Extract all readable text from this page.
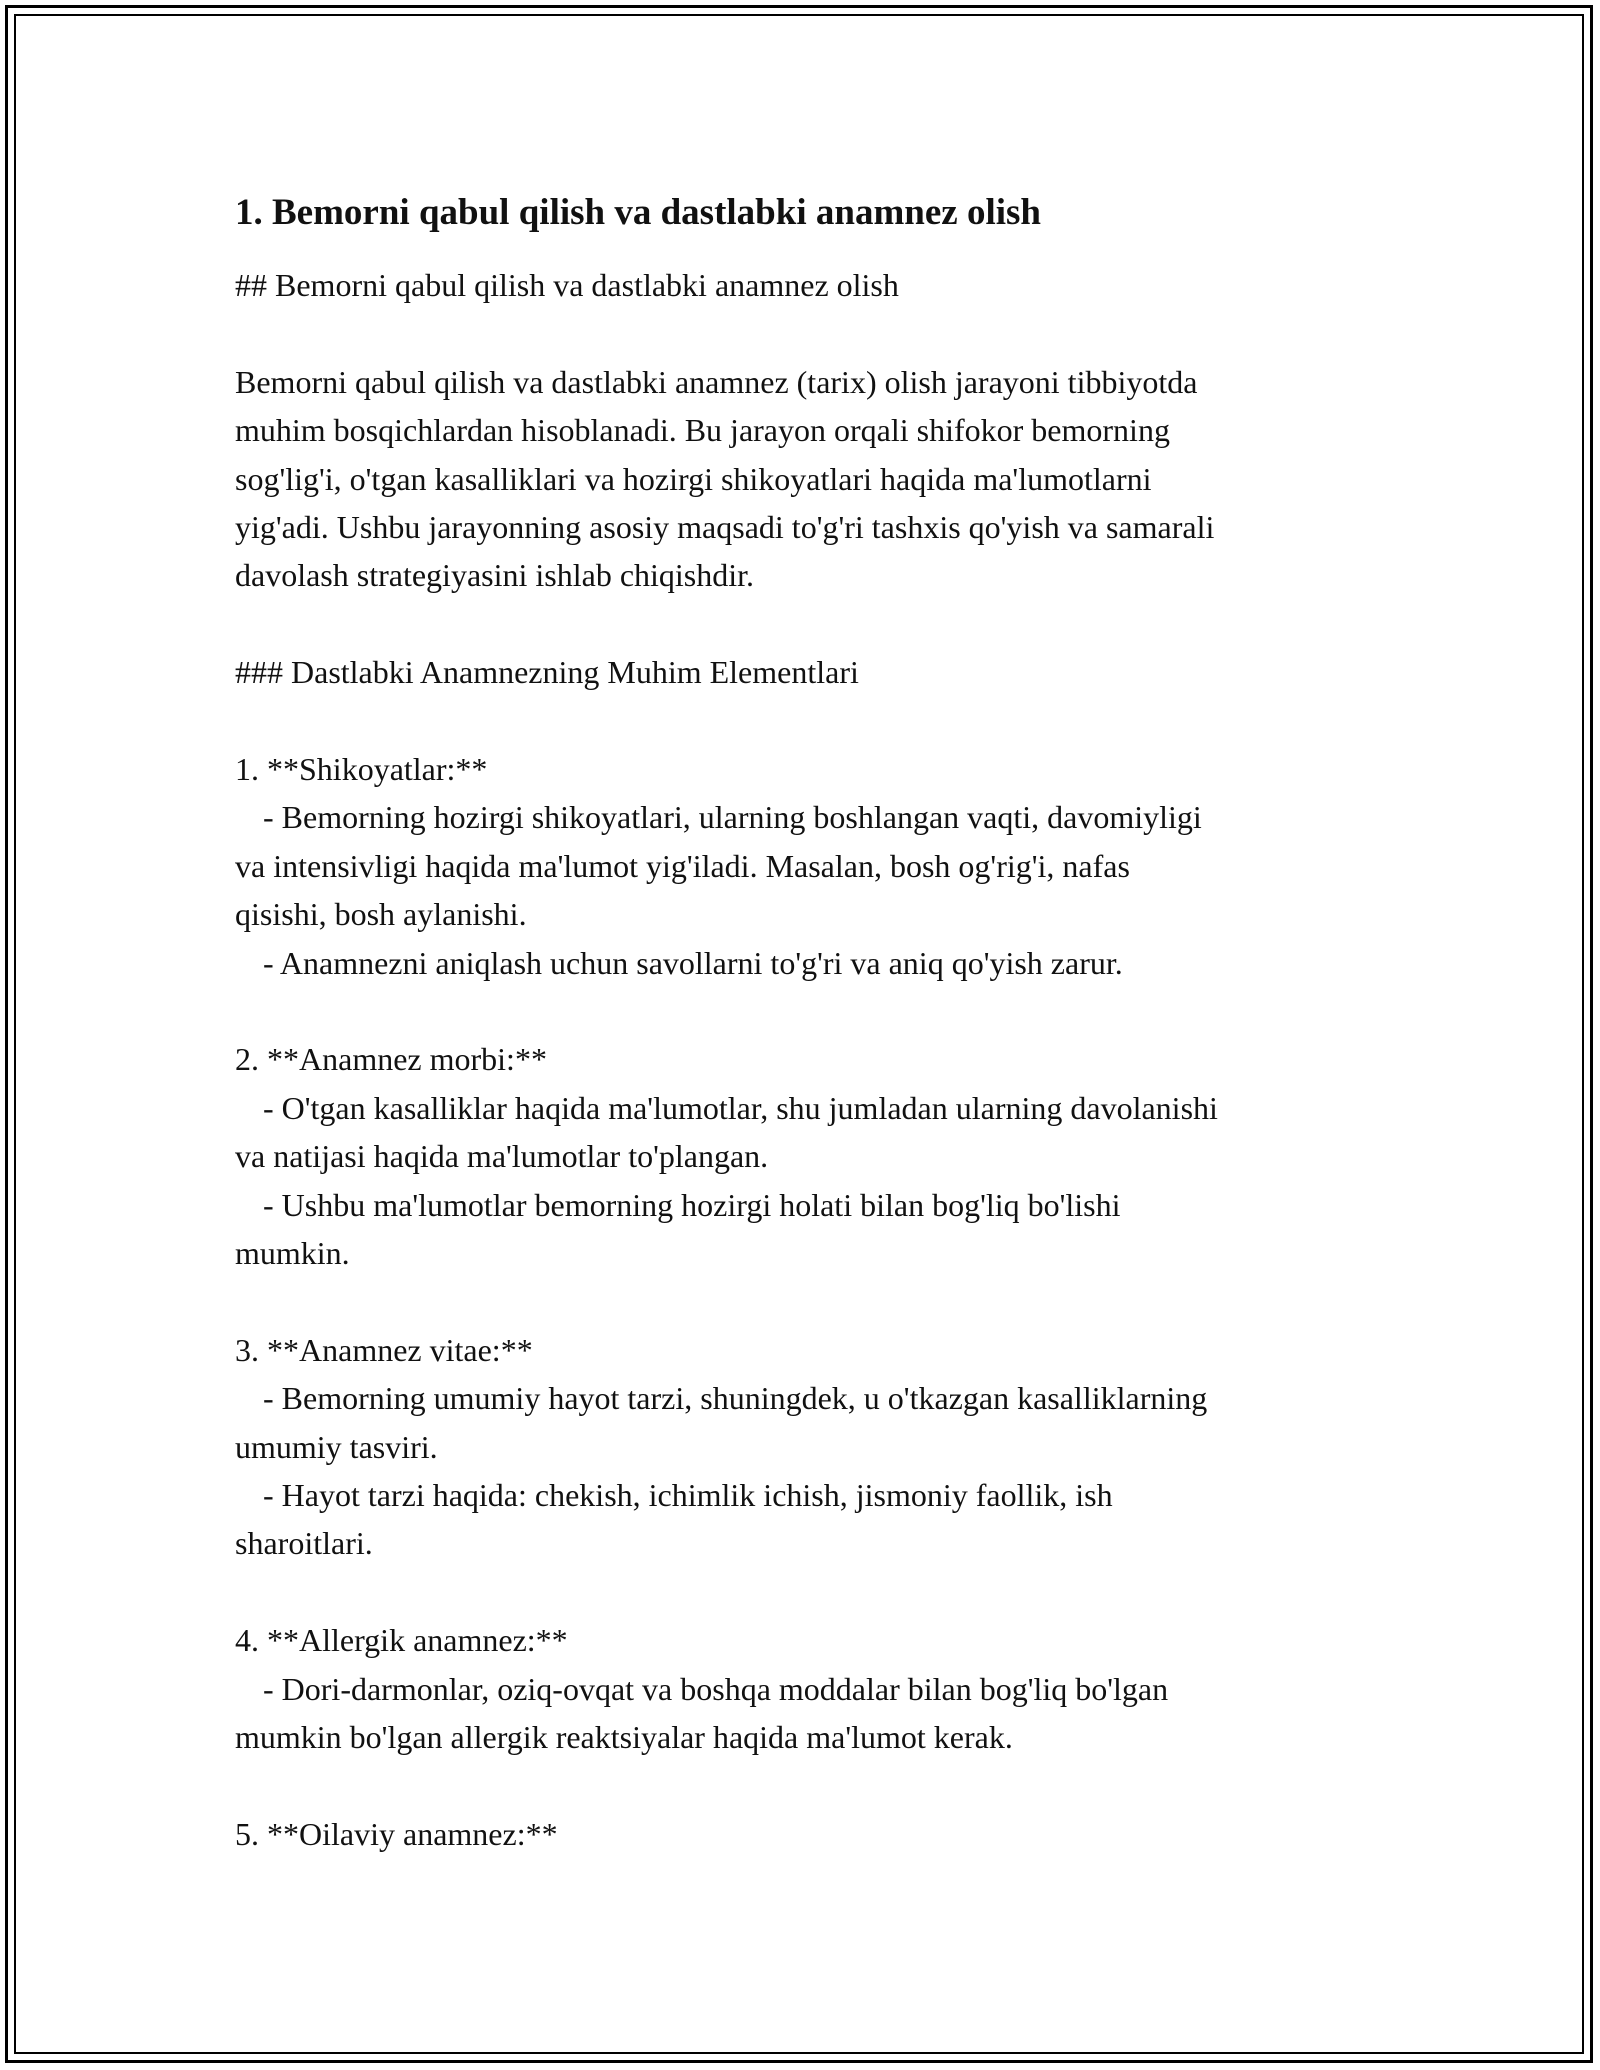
1. Bemorni qabul qilish va dastlabki anamnez olish

## Bemorni qabul qilish va dastlabki anamnez olish

Bemorni qabul qilish va dastlabki anamnez (tarix) olish jarayoni tibbiyotda

muhim bosqichlardan hisoblanadi. Bu jarayon orqali shifokor bemorning

sog'lig'i, o'tgan kasalliklari va hozirgi shikoyatlari haqida ma'lumotlarni

yig'adi. Ushbu jarayonning asosiy maqsadi to'g'ri tashxis qo'yish va samarali

davolash strategiyasini ishlab chiqishdir.

### Dastlabki Anamnezning Muhim Elementlari

1. **Shikoyatlar:**

- Bemorning hozirgi shikoyatlari, ularning boshlangan vaqti, davomiyligi

va intensivligi haqida ma'lumot yig'iladi. Masalan, bosh og'rig'i, nafas

qisishi, bosh aylanishi.

- Anamnezni aniqlash uchun savollarni to'g'ri va aniq qo'yish zarur.

2. **Anamnez morbi:**

- O'tgan kasalliklar haqida ma'lumotlar, shu jumladan ularning davolanishi

va natijasi haqida ma'lumotlar to'plangan.

- Ushbu ma'lumotlar bemorning hozirgi holati bilan bog'liq bo'lishi

mumkin.

3. **Anamnez vitae:**

- Bemorning umumiy hayot tarzi, shuningdek, u o'tkazgan kasalliklarning

umumiy tasviri.

- Hayot tarzi haqida: chekish, ichimlik ichish, jismoniy faollik, ish

sharoitlari.

4. **Allergik anamnez:**

- Dori-darmonlar, oziq-ovqat va boshqa moddalar bilan bog'liq bo'lgan

mumkin bo'lgan allergik reaktsiyalar haqida ma'lumot kerak.

5. **Oilaviy anamnez:**
